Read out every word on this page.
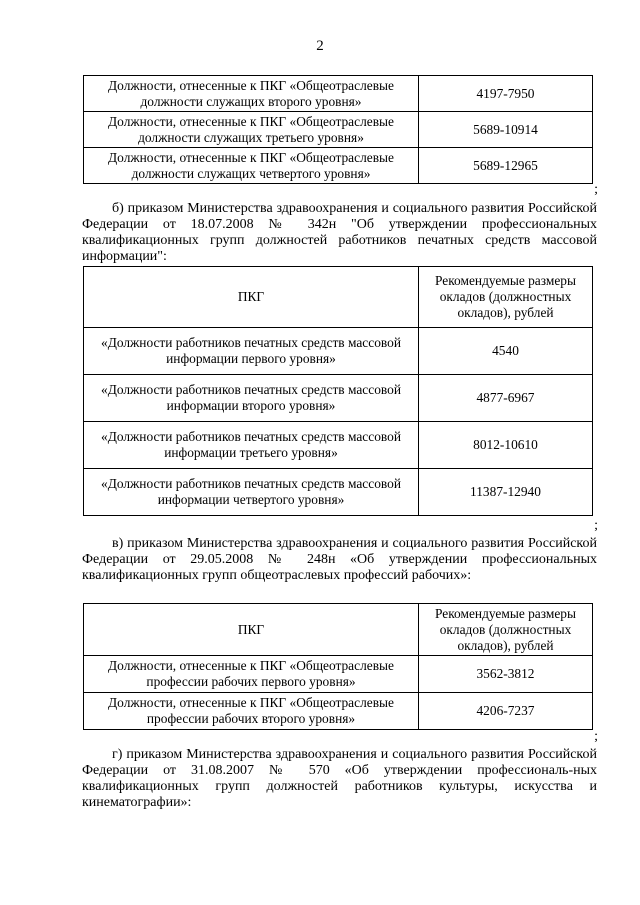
2
Должности, отнесенные к ПКГ «Общеотраслевые должности служащих второго уровня»	4197-7950
Должности, отнесенные к ПКГ «Общеотраслевые должности служащих третьего уровня»	5689-10914
Должности, отнесенные к ПКГ «Общеотраслевые должности служащих четвертого уровня»	5689-12965
;

б) приказом Министерства здравоохранения и социального развития Российской Федерации от 18.07.2008 № 342н "Об утверждении профессиональных квалификационных групп должностей работников печатных средств массовой информации":

ПКГ	Рекомендуемые размеры окладов (должностных окладов), рублей
«Должности работников печатных средств массовой информации первого уровня»	4540
«Должности работников печатных средств массовой информации второго уровня»	4877-6967
«Должности работников печатных средств массовой информации третьего уровня»	8012-10610
«Должности работников печатных средств массовой информации четвертого уровня»	11387-12940
;

в) приказом Министерства здравоохранения и социального развития Российской Федерации от 29.05.2008 № 248н «Об утверждении профессиональных квалификационных групп общеотраслевых профессий рабочих»:

ПКГ	Рекомендуемые размеры окладов (должностных окладов), рублей
Должности, отнесенные к ПКГ «Общеотраслевые профессии рабочих первого уровня»	3562-3812
Должности, отнесенные к ПКГ «Общеотраслевые профессии рабочих второго уровня»	4206-7237
;

г) приказом Министерства здравоохранения и социального развития Российской Федерации от 31.08.2007 № 570 «Об утверждении профессиональ-ных квалификационных групп должностей работников культуры, искусства и кинематографии»:
